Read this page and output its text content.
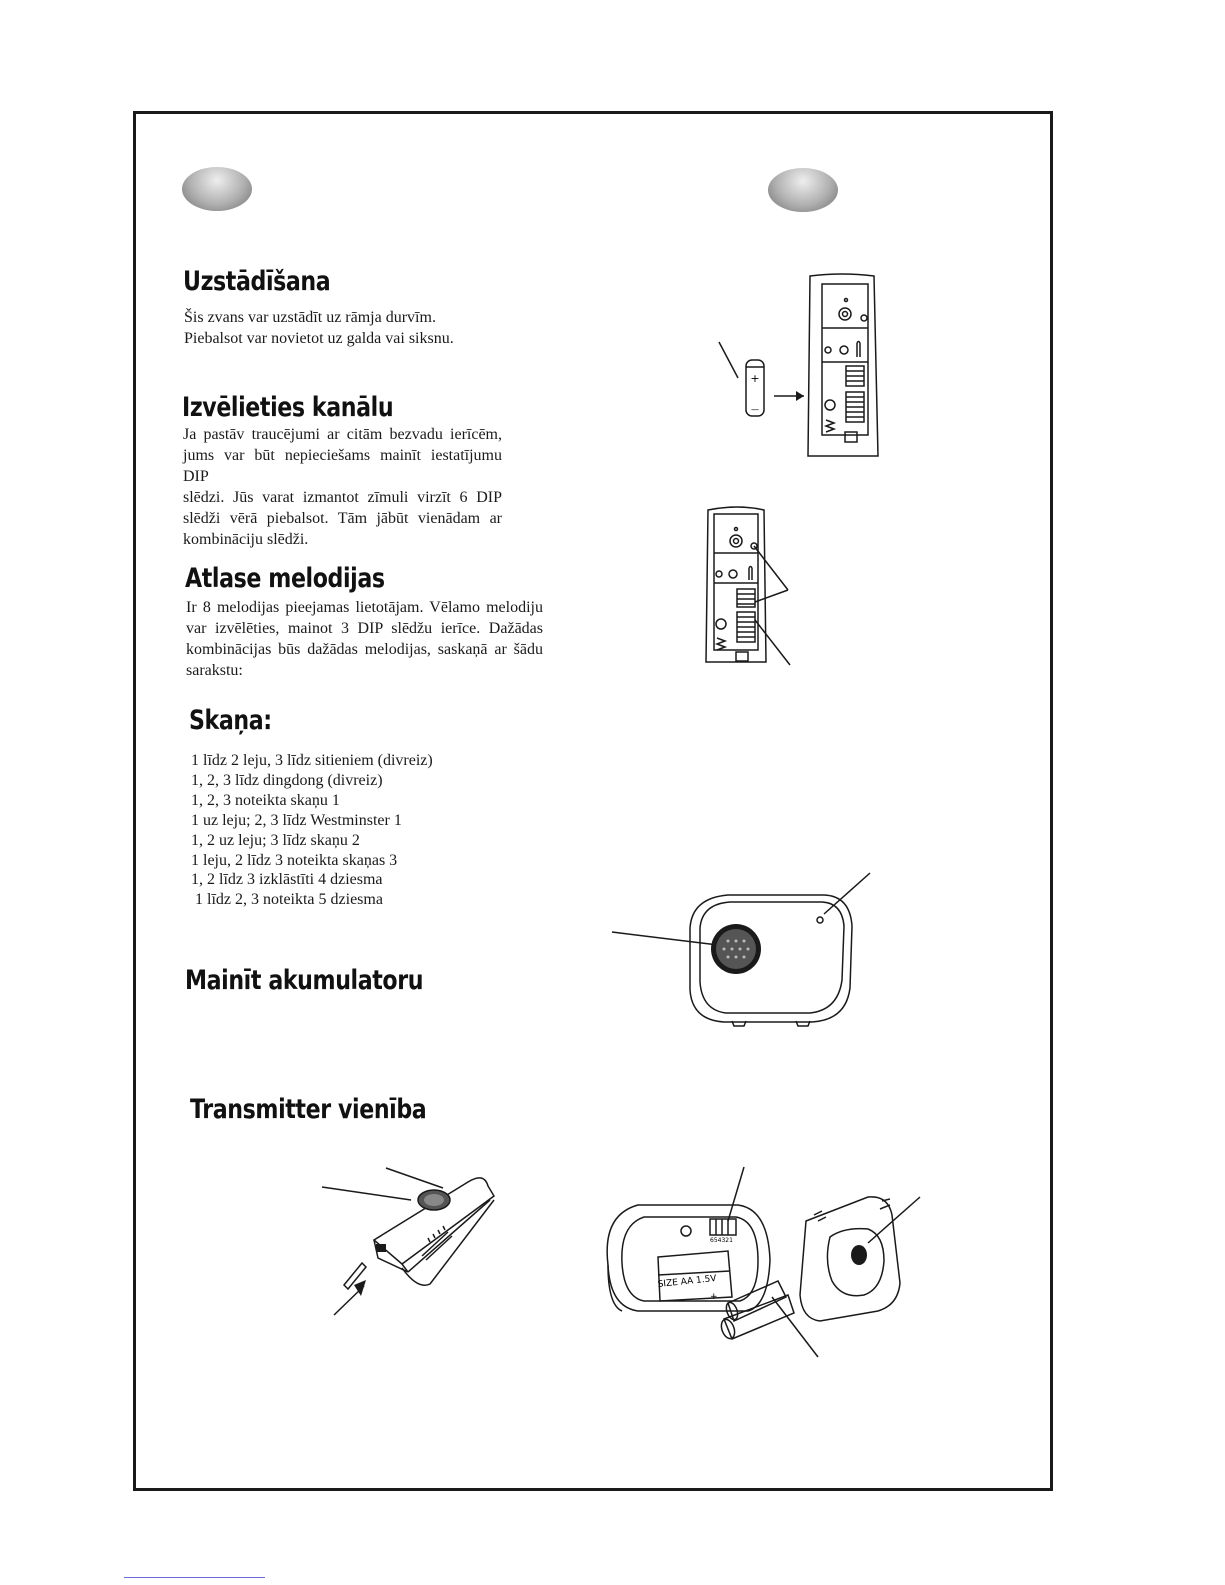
Uzstādīšana

Šis zvans var uzstādīt uz rāmja durvīm.

Piebalsot var novietot uz galda vai siksnu.

Izvēlieties kanālu

Ja pastāv traucējumi ar citām bezvadu ierīcēm,

jums var būt nepieciešams mainīt iestatījumu DIP

slēdzi. Jūs varat izmantot zīmuli virzīt 6 DIP

slēdži vērā piebalsot. Tām jābūt vienādam ar

kombināciju slēdži.

Atlase melodijas

Ir 8 melodijas pieejamas lietotājam. Vēlamo melodiju

var izvēlēties, mainot 3 DIP slēdžu ierīce. Dažādas

kombinācijas būs dažādas melodijas, saskaņā ar šādu

sarakstu:

Skaņa:
1 līdz 2 leju, 3 līdz sitieniem (divreiz)
1, 2, 3 līdz dingdong (divreiz)
1, 2, 3 noteikta skaņu 1
1 uz leju; 2, 3 līdz Westminster 1
1, 2 uz leju; 3 līdz skaņu 2
1 leju, 2 līdz 3 noteikta skaņas 3
1, 2 līdz 3 izklāstīti 4 dziesma
1 līdz 2, 3 noteikta 5 dziesma
Mainīt akumulatoru
Transmitter vienība
+
—
SIZE AA 1.5V
+
654321
